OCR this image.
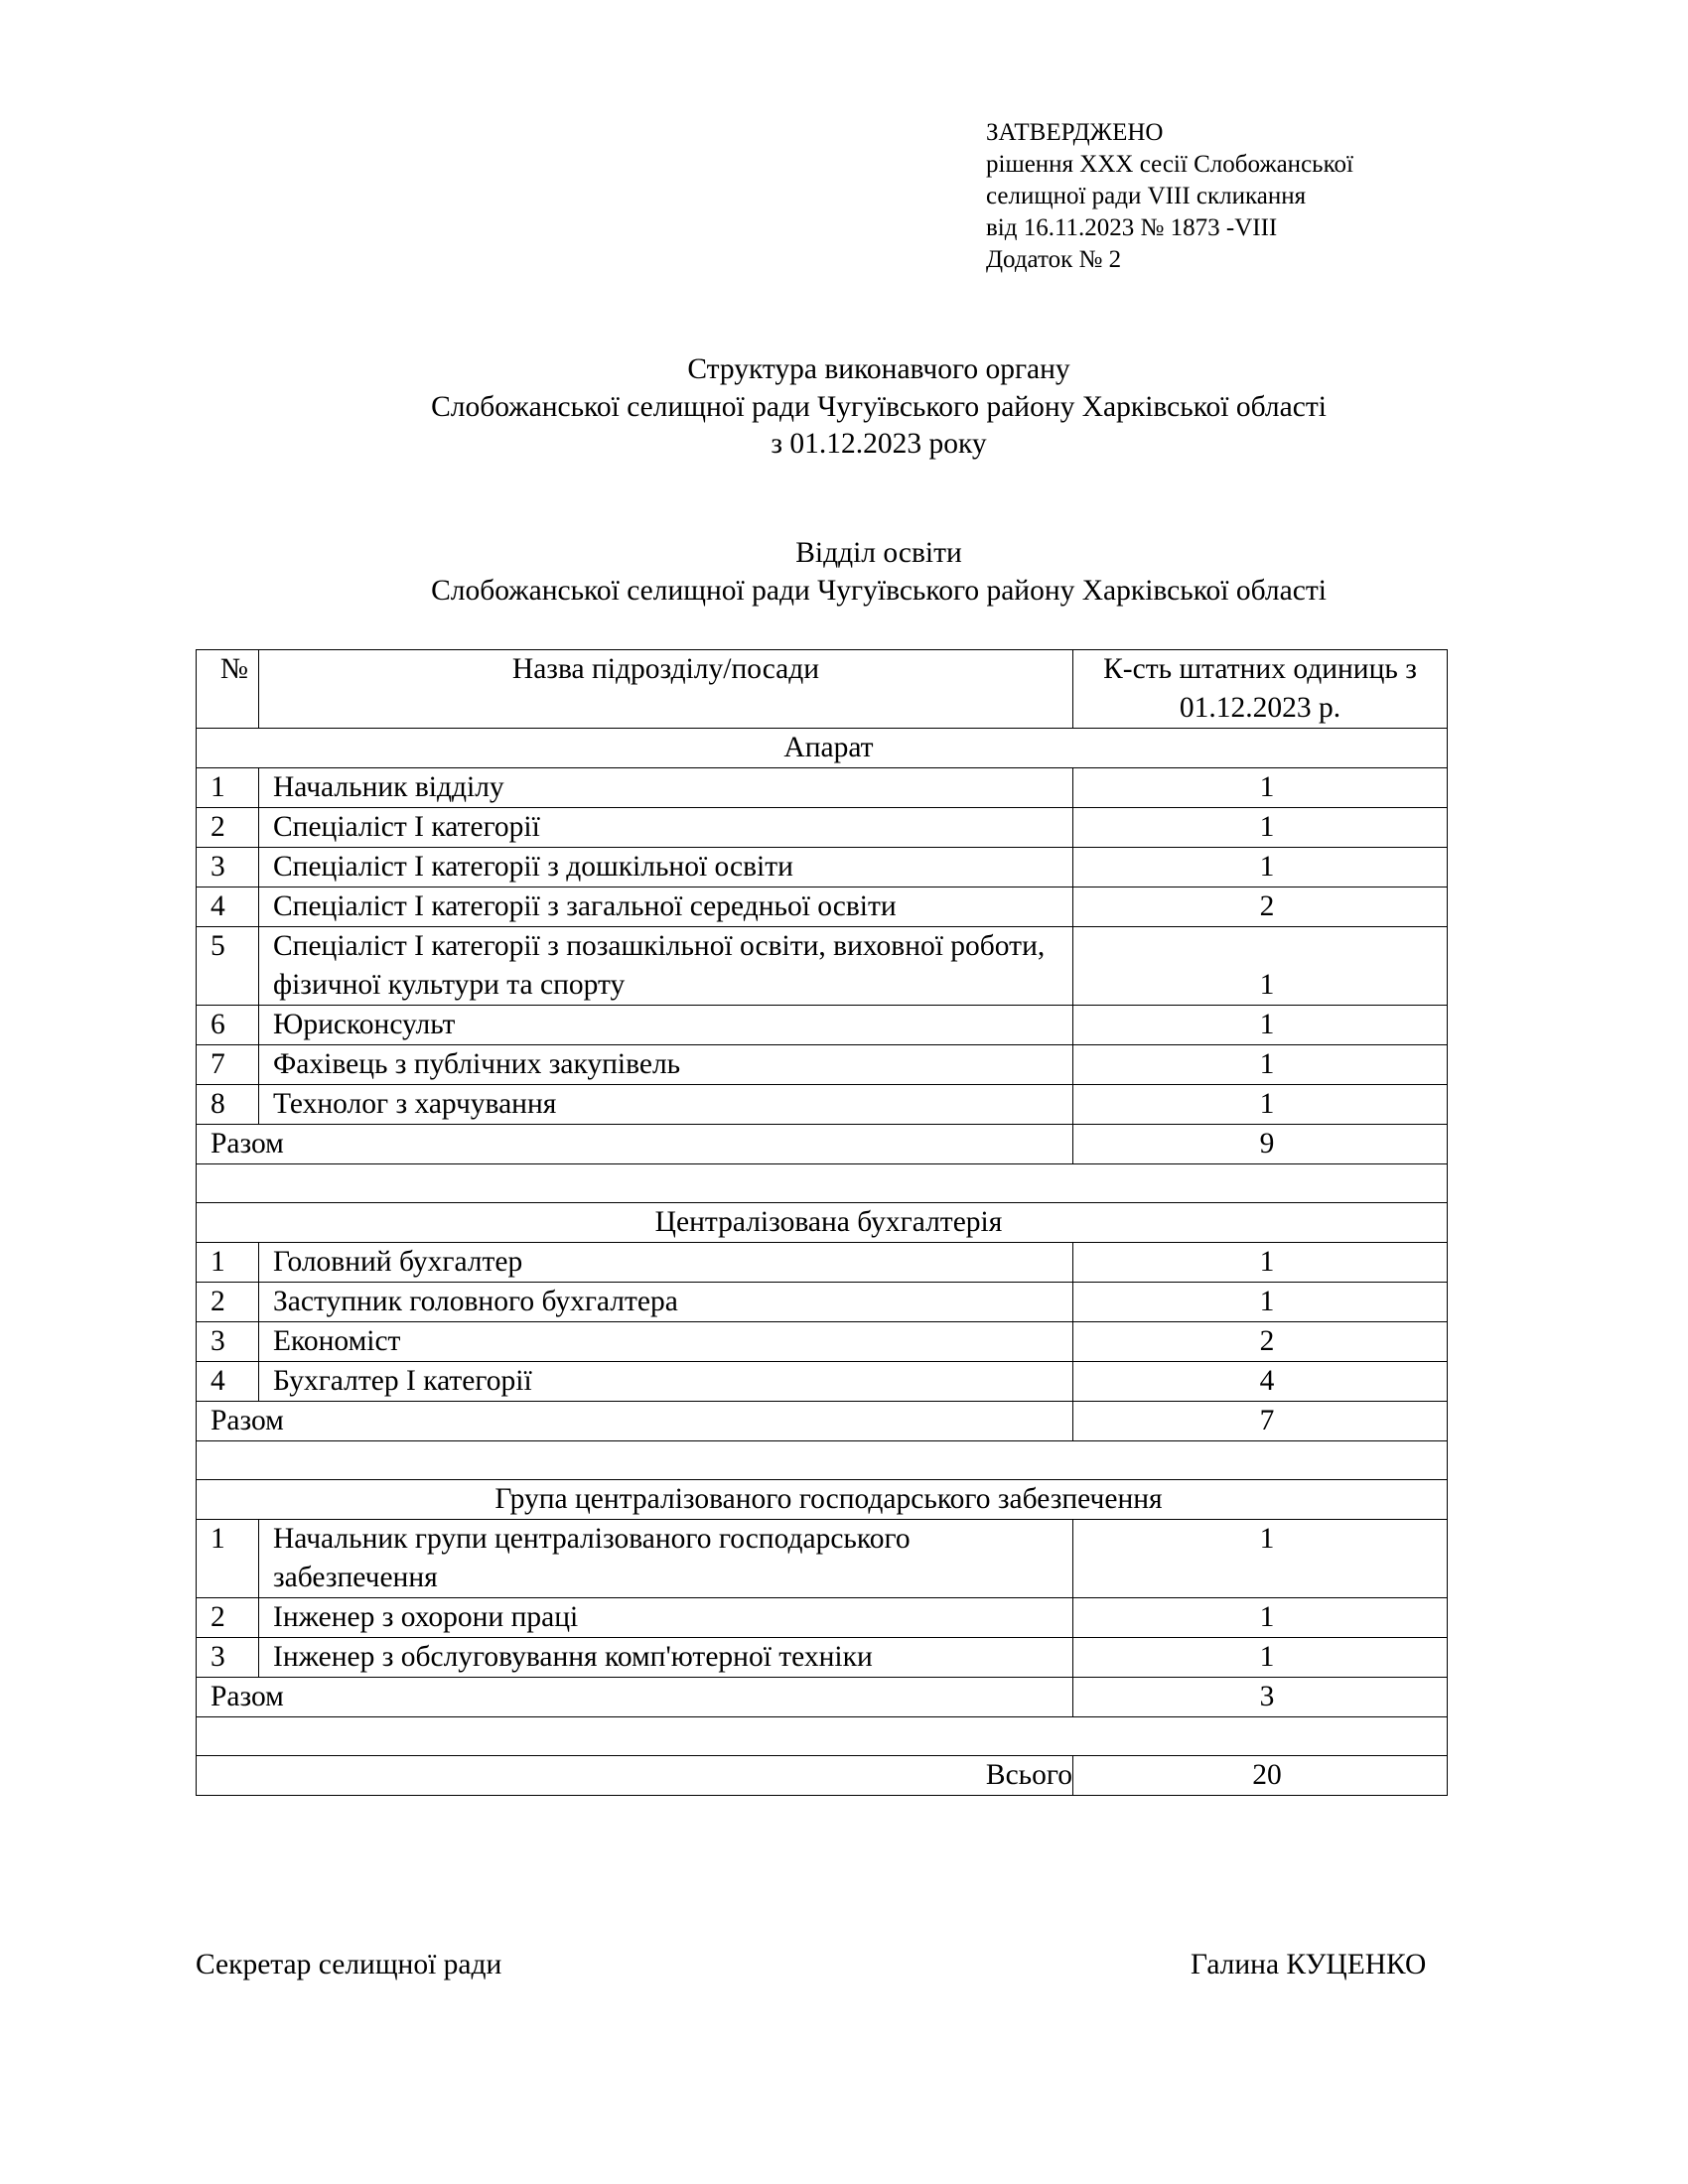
ЗАТВЕРДЖЕНО
рішення ХХХ сесії Слобожанської
селищної ради VIII скликання
від 16.11.2023 № 1873 -VIII
Додаток № 2
Структура виконавчого органу
Слобожанської селищної ради Чугуївського району Харківської області
з 01.12.2023 року
Відділ освіти
Слобожанської селищної ради Чугуївського району Харківської області
№	Назва підрозділу/посади	К-сть штатних одиниць з 01.12.2023 р.
Апарат		
1	Начальник відділу	1
2	Спеціаліст І категорії	1
3	Спеціаліст І категорії з дошкільної освіти	1
4	Спеціаліст І категорії з загальної середньої освіти	2
5	Спеціаліст І категорії з позашкільної освіти, виховної роботи, фізичної культури та спорту	1
6	Юрисконсульт	1
7	Фахівець з публічних закупівель	1
8	Технолог з харчування	1
Разом		9

Централізована бухгалтерія		
1	Головний бухгалтер	1
2	Заступник головного бухгалтера	1
3	Економіст	2
4	Бухгалтер І категорії	4
Разом		7

Група централізованого господарського забезпечення		
1	Начальник групи централізованого господарського забезпечення	1
2	Інженер з охорони праці	1
3	Інженер з обслуговування комп'ютерної техніки	1
Разом		3

Всього		20
Секретар селищної ради	Галина КУЦЕНКО
